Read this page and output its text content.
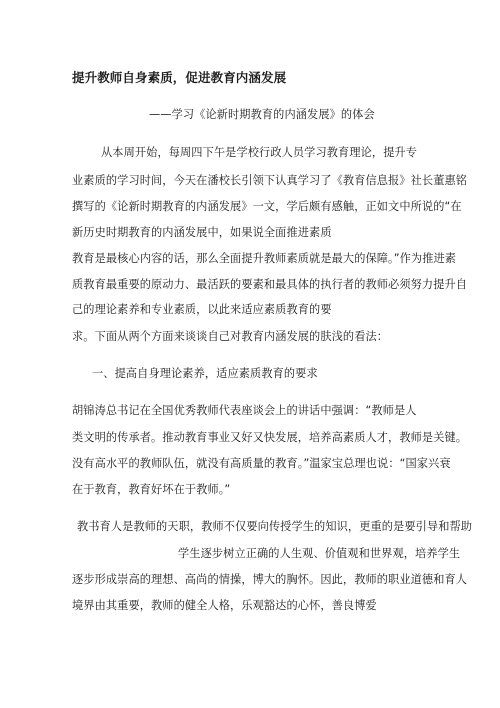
提升教师自身素质，促进教育内涵发展
——学习《论新时期教育的内涵发展》的体会
从本周开始，每周四下午是学校行政人员学习教育理论，提升专
业素质的学习时间，今天在潘校长引领下认真学习了《教育信息报》社长董惠铭
撰写的《论新时期教育的内涵发展》一文，学后颇有感触，正如文中所说的“在
新历史时期教育的内涵发展中，如果说全面推进素质
教育是最核心内容的话，那么全面提升教师素质就是最大的保障。”作为推进素
质教育最重要的原动力、最活跃的要素和最具体的执行者的教师必须努力提升自
己的理论素养和专业素质，以此来适应素质教育的要
求。下面从两个方面来谈谈自己对教育内涵发展的肤浅的看法：
一、提高自身理论素养，适应素质教育的要求
胡锦涛总书记在全国优秀教师代表座谈会上的讲话中强调：“教师是人
类文明的传承者。推动教育事业又好又快发展，培养高素质人才，教师是关键。
没有高水平的教师队伍，就没有高质量的教育。”温家宝总理也说：“国家兴衰
在于教育，教育好坏在于教师。”
教书育人是教师的天职，教师不仅要向传授学生的知识，更重的是要引导和帮助
学生逐步树立正确的人生观、价值观和世界观，培养学生
逐步形成崇高的理想、高尚的情操，博大的胸怀。因此，教师的职业道德和育人
境界由其重要，教师的健全人格，乐观豁达的心怀，善良博爱
